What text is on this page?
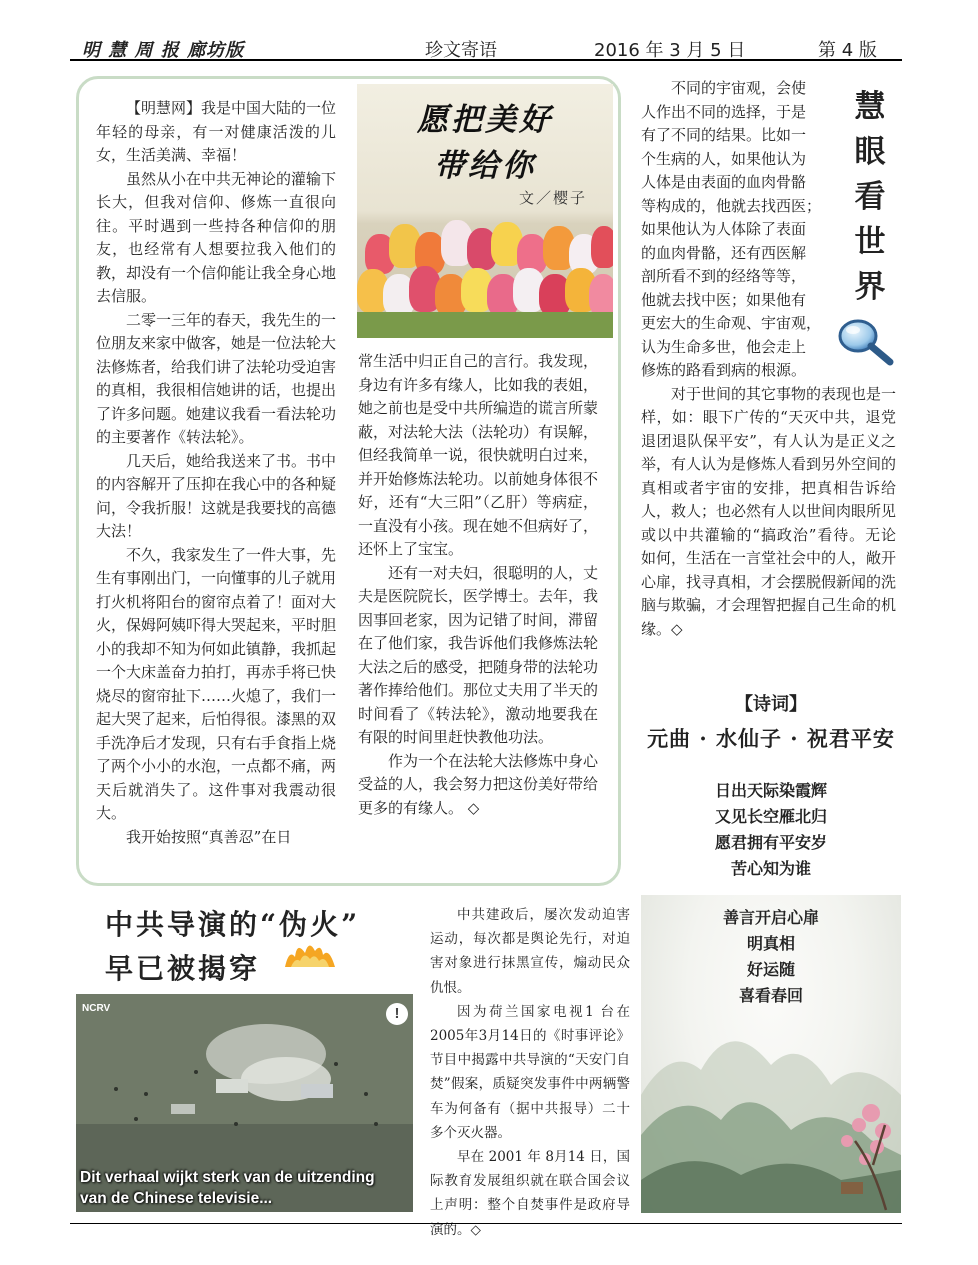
明 慧 周 报 廊坊版	珍文寄语	2016 年 3 月 5 日	第 4 版
愿把美好
带给你
文／樱子

【明慧网】我是中国大陆的一位年轻的母亲，有一对健康活泼的儿女，生活美满、幸福！

虽然从小在中共无神论的灌输下长大，但我对信仰、修炼一直很向往。平时遇到一些持各种信仰的朋友，也经常有人想要拉我入他们的教，却没有一个信仰能让我全身心地去信服。

二零一三年的春天，我先生的一位朋友来家中做客，她是一位法轮大法修炼者，给我们讲了法轮功受迫害的真相，我很相信她讲的话，也提出了许多问题。她建议我看一看法轮功的主要著作《转法轮》。

几天后，她给我送来了书。书中的内容解开了压抑在我心中的各种疑问，令我折服！这就是我要找的高德大法！

不久，我家发生了一件大事，先生有事刚出门，一向懂事的儿子就用打火机将阳台的窗帘点着了！面对大火，保姆阿姨吓得大哭起来，平时胆小的我却不知为何如此镇静，我抓起一个大床盖奋力拍打，再赤手将已快烧尽的窗帘扯下……火熄了，我们一起大哭了起来，后怕得很。漆黑的双手洗净后才发现，只有右手食指上烧了两个小小的水泡，一点都不痛，两天后就消失了。这件事对我震动很大。

我开始按照“真善忍”在日

常生活中归正自己的言行。我发现，身边有许多有缘人，比如我的表姐，她之前也是受中共所编造的谎言所蒙蔽，对法轮大法（法轮功）有误解，但经我简单一说，很快就明白过来，并开始修炼法轮功。以前她身体很不好，还有“大三阳”（乙肝）等病症，一直没有小孩。现在她不但病好了，还怀上了宝宝。

还有一对夫妇，很聪明的人，丈夫是医院院长，医学博士。去年，我因事回老家，因为记错了时间，滞留在了他们家，我告诉他们我修炼法轮大法之后的感受，把随身带的法轮功著作捧给他们。那位丈夫用了半天的时间看了《转法轮》，激动地要我在有限的时间里赶快教他功法。

作为一个在法轮大法修炼中身心受益的人，我会努力把这份美好带给更多的有缘人。 ◇

慧
眼
看
世
界
不同的宇宙观，会使
人作出不同的选择，于是
有了不同的结果。比如一
个生病的人，如果他认为
人体是由表面的血肉骨骼
等构成的，他就去找西医；
如果他认为人体除了表面
的血肉骨骼，还有西医解
剖所看不到的经络等等，
他就去找中医；如果他有
更宏大的生命观、宇宙观，
认为生命多世，他会走上
修炼的路看到病的根源。

对于世间的其它事物的表现也是一样，如：眼下广传的“天灭中共，退党退团退队保平安”，有人认为是正义之举，有人认为是修炼人看到另外空间的真相或者宇宙的安排，把真相告诉给人，救人；也必然有人以世间肉眼所见或以中共灌输的“搞政治”看待。无论如何，生活在一言堂社会中的人，敞开心扉，找寻真相，才会摆脱假新闻的洗脑与欺骗，才会理智把握自己生命的机缘。◇

【诗词】
元曲 · 水仙子 · 祝君平安
日出天际染霞辉
又见长空雁北归
愿君拥有平安岁
苦心知为谁
善言开启心扉
明真相
好运随
喜看春回
中共导演的“伪火”
早已被揭穿

中共建政后，屡次发动迫害运动，每次都是舆论先行，对迫害对象进行抹黑宣传，煽动民众仇恨。

因为荷兰国家电视1 台在2005年3月14日的《时事评论》节目中揭露中共导演的“天安门自焚”假案，质疑突发事件中两辆警车为何备有（据中共报导）二十多个灭火器。

早在 2001 年 8月14 日，国际教育发展组织就在联合国会议上声明：整个自焚事件是政府导演的。◇

NCRV	!
Dit verhaal wijkt sterk van de uitzending
van de Chinese televisie...
